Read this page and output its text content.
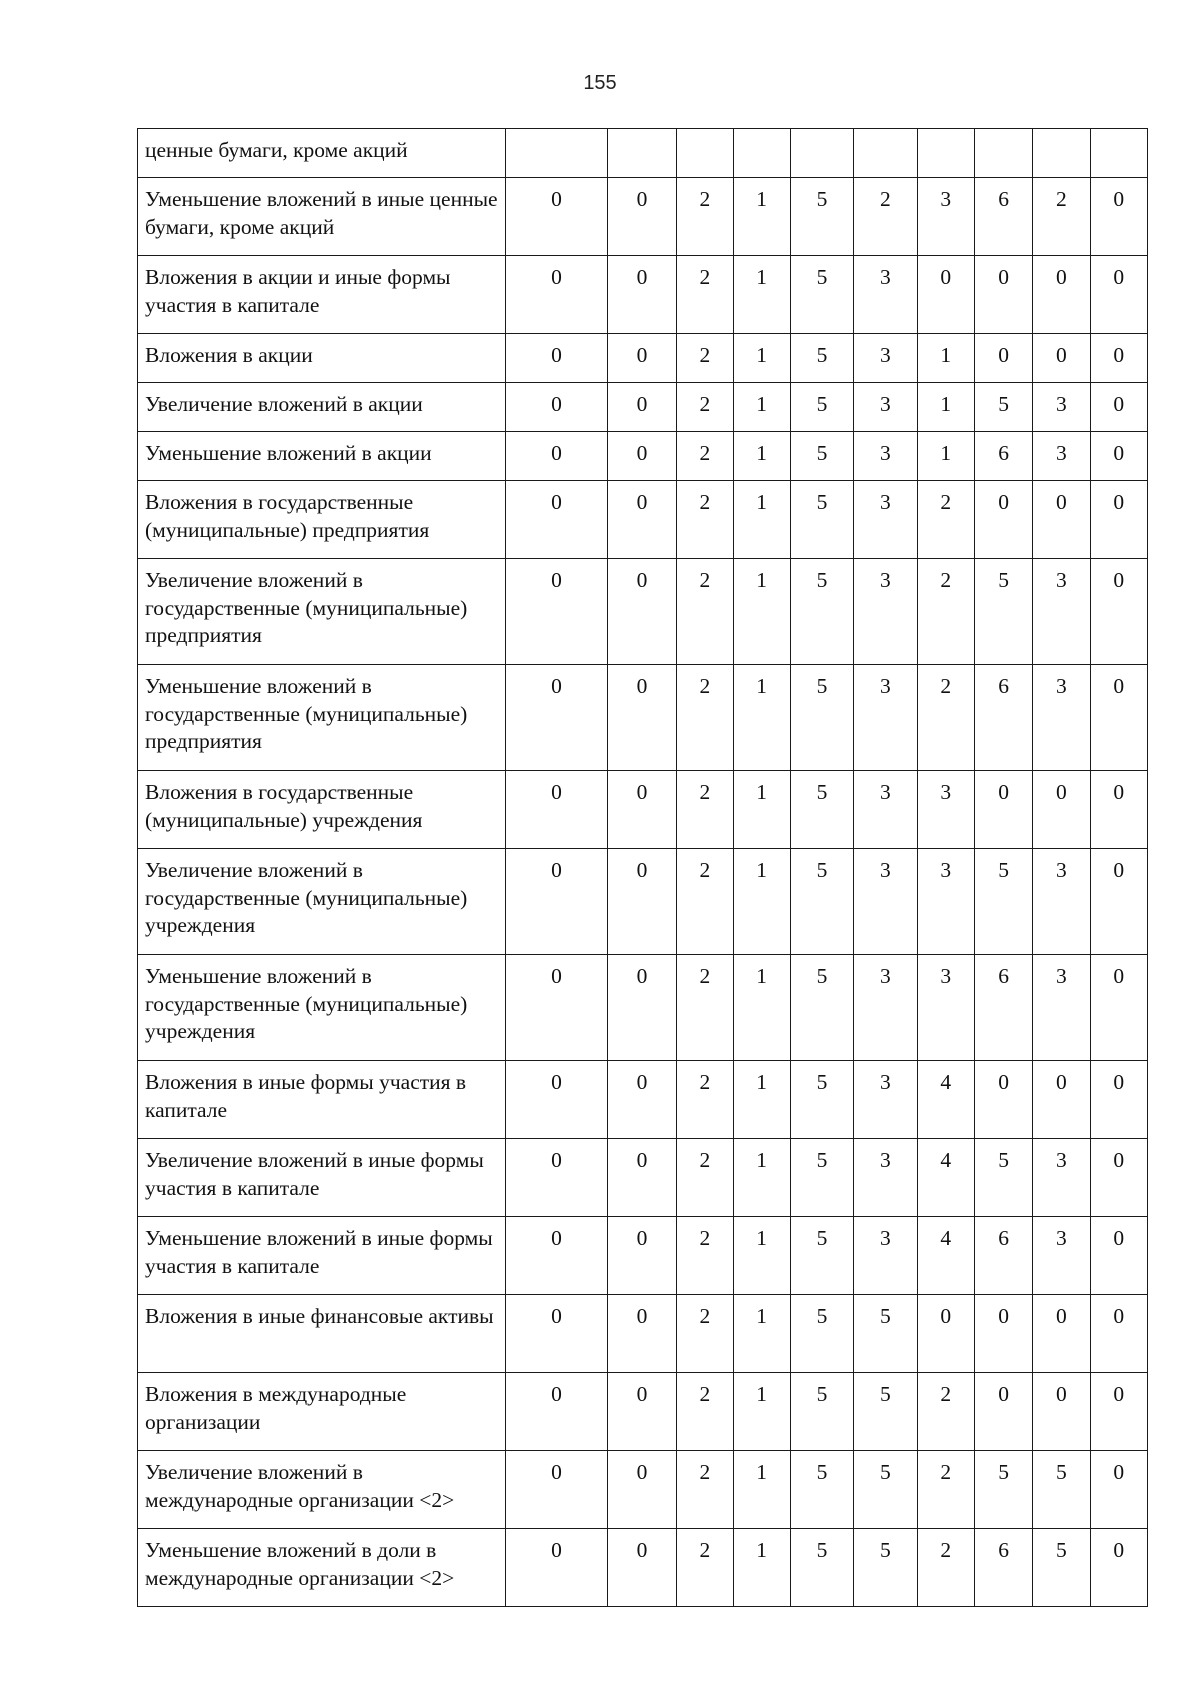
155
ценные бумаги, кроме акций										
Уменьшение вложений в иные ценные бумаги, кроме акций	0	0	2	1	5	2	3	6	2	0
Вложения в акции и иные формы участия в капитале	0	0	2	1	5	3	0	0	0	0
Вложения в акции	0	0	2	1	5	3	1	0	0	0
Увеличение вложений в акции	0	0	2	1	5	3	1	5	3	0
Уменьшение вложений в акции	0	0	2	1	5	3	1	6	3	0
Вложения в государственные (муниципальные) предприятия	0	0	2	1	5	3	2	0	0	0
Увеличение вложений в государственные (муниципальные) предприятия	0	0	2	1	5	3	2	5	3	0
Уменьшение вложений в государственные (муниципальные) предприятия	0	0	2	1	5	3	2	6	3	0
Вложения в государственные (муниципальные) учреждения	0	0	2	1	5	3	3	0	0	0
Увеличение вложений в государственные (муниципальные) учреждения	0	0	2	1	5	3	3	5	3	0
Уменьшение вложений в государственные (муниципальные) учреждения	0	0	2	1	5	3	3	6	3	0
Вложения в иные формы участия в капитале	0	0	2	1	5	3	4	0	0	0
Увеличение вложений в иные формы участия в капитале	0	0	2	1	5	3	4	5	3	0
Уменьшение вложений в иные формы участия в капитале	0	0	2	1	5	3	4	6	3	0
Вложения в иные финансовые активы	0	0	2	1	5	5	0	0	0	0
Вложения в международные организации	0	0	2	1	5	5	2	0	0	0
Увеличение вложений в международные организации <2>	0	0	2	1	5	5	2	5	5	0
Уменьшение вложений в доли в международные организации <2>	0	0	2	1	5	5	2	6	5	0
